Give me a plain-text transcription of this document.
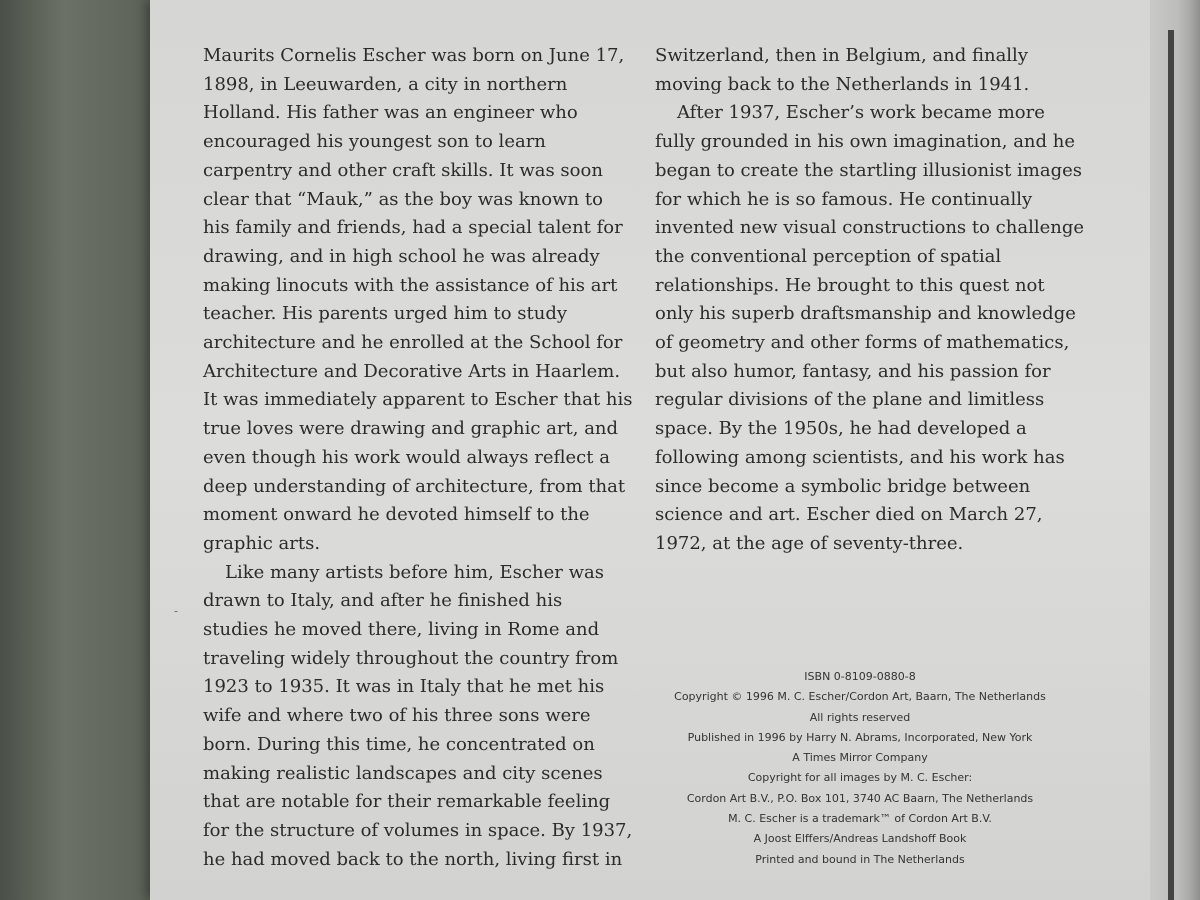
-
Maurits Cornelis Escher was born on June 17,
1898, in Leeuwarden, a city in northern
Holland. His father was an engineer who
encouraged his youngest son to learn
carpentry and other craft skills. It was soon
clear that “Mauk,” as the boy was known to
his family and friends, had a special talent for
drawing, and in high school he was already
making linocuts with the assistance of his art
teacher. His parents urged him to study
architecture and he enrolled at the School for
Architecture and Decorative Arts in Haarlem.
It was immediately apparent to Escher that his
true loves were drawing and graphic art, and
even though his work would always reflect a
deep understanding of architecture, from that
moment onward he devoted himself to the
graphic arts.
Like many artists before him, Escher was
drawn to Italy, and after he finished his
studies he moved there, living in Rome and
traveling widely throughout the country from
1923 to 1935. It was in Italy that he met his
wife and where two of his three sons were
born. During this time, he concentrated on
making realistic landscapes and city scenes
that are notable for their remarkable feeling
for the structure of volumes in space. By 1937,
he had moved back to the north, living first in
Switzerland, then in Belgium, and finally
moving back to the Netherlands in 1941.
After 1937, Escher’s work became more
fully grounded in his own imagination, and he
began to create the startling illusionist images
for which he is so famous. He continually
invented new visual constructions to challenge
the conventional perception of spatial
relationships. He brought to this quest not
only his superb draftsmanship and knowledge
of geometry and other forms of mathematics,
but also humor, fantasy, and his passion for
regular divisions of the plane and limitless
space. By the 1950s, he had developed a
following among scientists, and his work has
since become a symbolic bridge between
science and art. Escher died on March 27,
1972, at the age of seventy-three.
ISBN 0-8109-0880-8
Copyright © 1996 M. C. Escher/Cordon Art, Baarn, The Netherlands
All rights reserved
Published in 1996 by Harry N. Abrams, Incorporated, New York
A Times Mirror Company
Copyright for all images by M. C. Escher:
Cordon Art B.V., P.O. Box 101, 3740 AC Baarn, The Netherlands
M. C. Escher is a trademark™ of Cordon Art B.V.
A Joost Elffers/Andreas Landshoff Book
Printed and bound in The Netherlands
